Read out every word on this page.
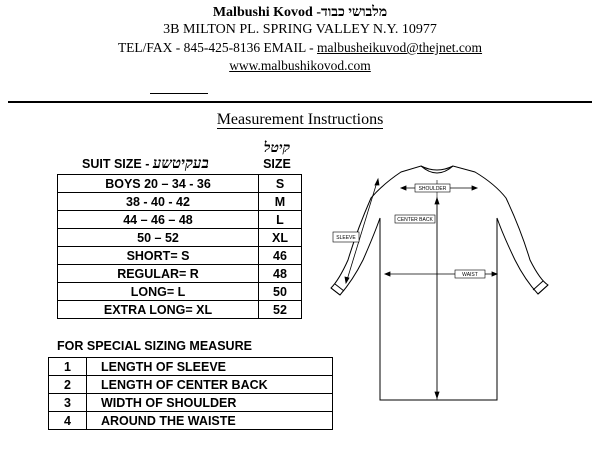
Malbushi Kovod -מלבושי כבוד
3B MILTON PL. SPRING VALLEY N.Y. 10977
TEL/FAX - 845-425-8136 EMAIL - malbusheikuvod@thejnet.com
www.malbushikovod.com
Measurement Instructions
SUIT SIZE - בעקיטשע
קיטל
SIZE
BOYS 20 – 34 - 36	S
38 - 40 - 42	M
44 – 46 – 48	L
50 – 52	XL
SHORT= S	46
REGULAR= R	48
LONG= L	50
EXTRA LONG= XL	52
FOR SPECIAL SIZING MEASURE
1	LENGTH OF SLEEVE
2	LENGTH OF CENTER BACK
3	WIDTH OF SHOULDER
4	AROUND THE WAISTE
SHOULDER
CENTER BACK
SLEEVE
WAIST
